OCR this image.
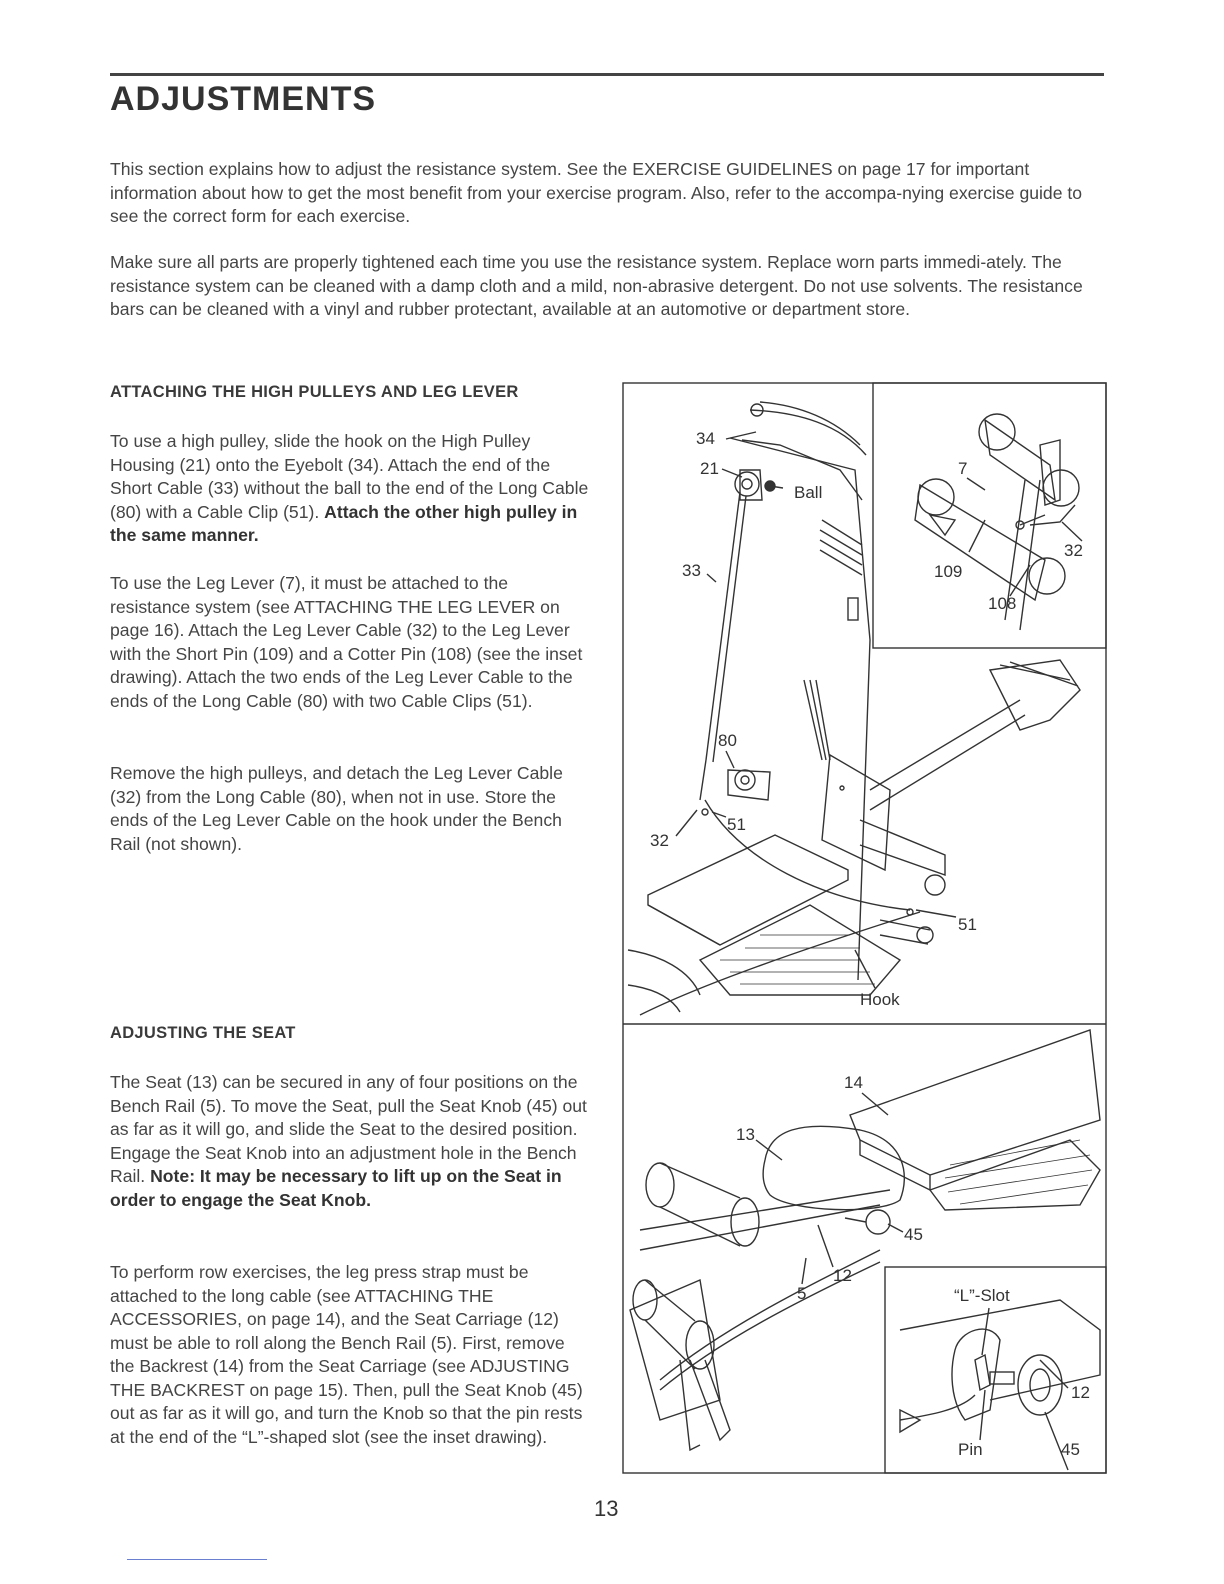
ADJUSTMENTS

This section explains how to adjust the resistance system. See the EXERCISE GUIDELINES on page 17 for important information about how to get the most benefit from your exercise program. Also, refer to the accompa-nying exercise guide to see the correct form for each exercise.

Make sure all parts are properly tightened each time you use the resistance system. Replace worn parts immedi-ately. The resistance system can be cleaned with a damp cloth and a mild, non-abrasive detergent. Do not use solvents. The resistance bars can be cleaned with a vinyl and rubber protectant, available at an automotive or department store.

ATTACHING THE HIGH PULLEYS AND LEG LEVER

To use a high pulley, slide the hook on the High Pulley Housing (21) onto the Eyebolt (34). Attach the end of the Short Cable (33) without the ball to the end of the Long Cable (80) with a Cable Clip (51). Attach the other high pulley in the same manner.

To use the Leg Lever (7), it must be attached to the resistance system (see ATTACHING THE LEG LEVER on page 16). Attach the Leg Lever Cable (32) to the Leg Lever with the Short Pin (109) and a Cotter Pin (108) (see the inset drawing). Attach the two ends of the Leg Lever Cable to the ends of the Long Cable (80) with two Cable Clips (51).

Remove the high pulleys, and detach the Leg Lever Cable (32) from the Long Cable (80), when not in use. Store the ends of the Leg Lever Cable on the hook under the Bench Rail (not shown).

ADJUSTING THE SEAT

The Seat (13) can be secured in any of four positions on the Bench Rail (5). To move the Seat, pull the Seat Knob (45) out as far as it will go, and slide the Seat to the desired position. Engage the Seat Knob into an adjustment hole in the Bench Rail. Note: It may be necessary to lift up on the Seat in order to engage the Seat Knob.

To perform row exercises, the leg press strap must be attached to the long cable (see ATTACHING THE ACCESSORIES, on page 14), and the Seat Carriage (12) must be able to roll along the Bench Rail (5). First, remove the Backrest (14) from the Seat Carriage (see ADJUSTING THE BACKREST on page 15). Then, pull the Seat Knob (45) out as far as it will go, and turn the Knob so that the pin rests at the end of the “L”-shaped slot (see the inset drawing).

34
21
Ball
33
80
32
51
51
Hook
7
109
108
32
14
13
45
12
5	“L”-Slot
12
Pin	45
13
